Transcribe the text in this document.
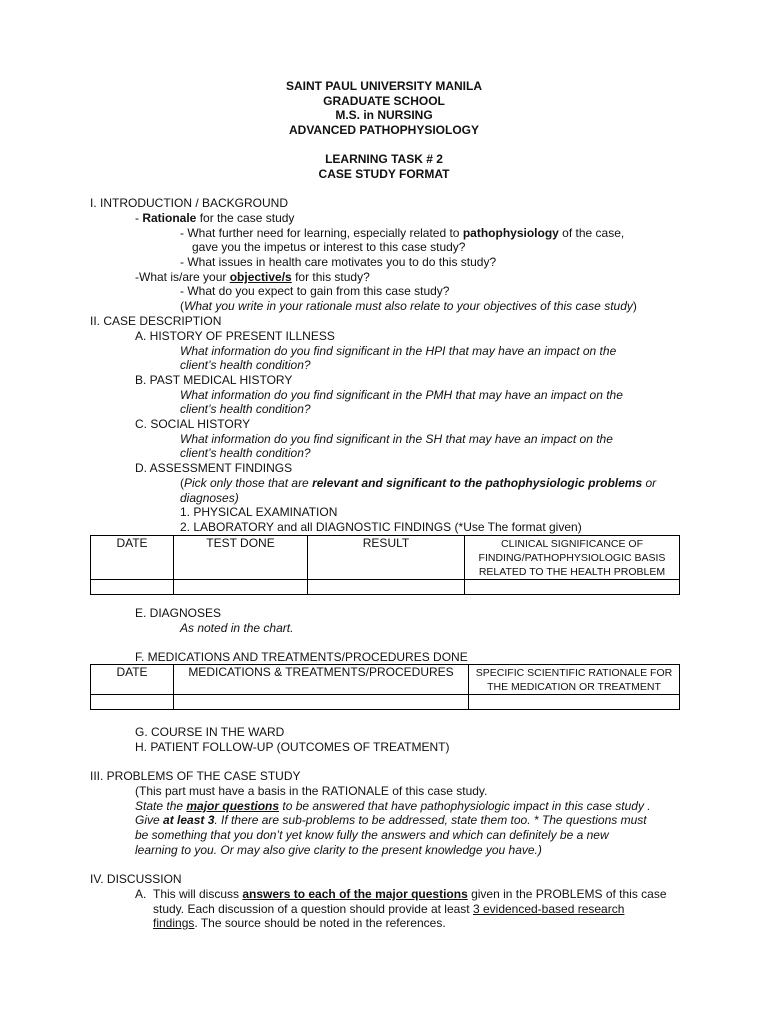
SAINT PAUL UNIVERSITY MANILA
GRADUATE SCHOOL
M.S. in NURSING
ADVANCED PATHOPHYSIOLOGY
LEARNING TASK # 2
CASE STUDY FORMAT
I. INTRODUCTION / BACKGROUND
- Rationale for the case study
- What further need for learning, especially related to pathophysiology of the case,
gave you the impetus or interest to this case study?
- What issues in health care motivates you to do this study?
-What is/are your objective/s for this study?
- What do you expect to gain from this case study?
(What you write in your rationale must also relate to your objectives of this case study)
II. CASE DESCRIPTION
A. HISTORY OF PRESENT ILLNESS
What information do you find significant in the HPI that may have an impact on the
client’s health condition?
B. PAST MEDICAL HISTORY
What information do you find significant in the PMH that may have an impact on the
client’s health condition?
C. SOCIAL HISTORY
What information do you find significant in the SH that may have an impact on the
client’s health condition?
D. ASSESSMENT FINDINGS
(Pick only those that are relevant and significant to the pathophysiologic problems or
diagnoses)
1. PHYSICAL EXAMINATION
2. LABORATORY and all DIAGNOSTIC FINDINGS (*Use The format given)
DATE	TEST DONE	RESULT	CLINICAL SIGNIFICANCE OF
FINDING/PATHOPHYSIOLOGIC BASIS
RELATED TO THE HEALTH PROBLEM

E. DIAGNOSES
As noted in the chart.
F. MEDICATIONS AND TREATMENTS/PROCEDURES DONE
DATE	MEDICATIONS & TREATMENTS/PROCEDURES	SPECIFIC SCIENTIFIC RATIONALE FOR
THE MEDICATION OR TREATMENT

G. COURSE IN THE WARD
H. PATIENT FOLLOW-UP (OUTCOMES OF TREATMENT)
III. PROBLEMS OF THE CASE STUDY
(This part must have a basis in the RATIONALE of this case study.
State the major questions to be answered that have pathophysiologic impact in this case study .
Give at least 3. If there are sub-problems to be addressed, state them too. * The questions must
be something that you don’t yet know fully the answers and which can definitely be a new
learning to you. Or may also give clarity to the present knowledge you have.)
IV. DISCUSSION
A. This will discuss answers to each of the major questions given in the PROBLEMS of this case
study. Each discussion of a question should provide at least 3 evidenced-based research
findings. The source should be noted in the references.
